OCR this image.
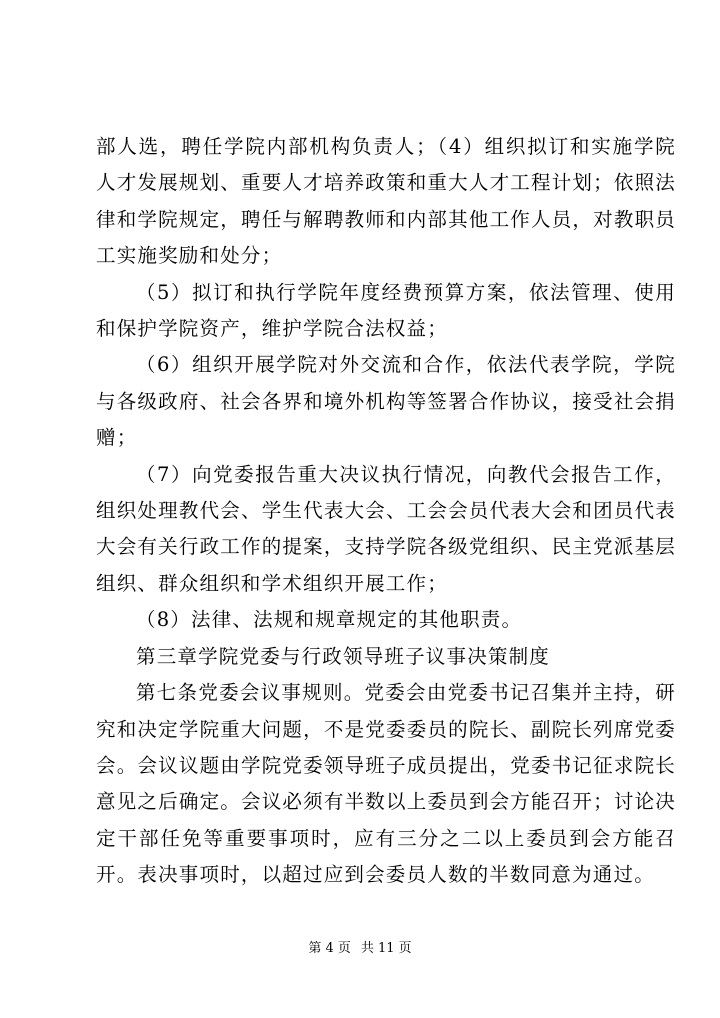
部人选，聘任学院内部机构负责人；（4）组织拟订和实施学院人才发展规划、重要人才培养政策和重大人才工程计划；依照法律和学院规定，聘任与解聘教师和内部其他工作人员，对教职员工实施奖励和处分；

（5）拟订和执行学院年度经费预算方案，依法管理、使用和保护学院资产，维护学院合法权益；

（6）组织开展学院对外交流和合作，依法代表学院，学院与各级政府、社会各界和境外机构等签署合作协议，接受社会捐赠；

（7）向党委报告重大决议执行情况，向教代会报告工作，组织处理教代会、学生代表大会、工会会员代表大会和团员代表大会有关行政工作的提案，支持学院各级党组织、民主党派基层组织、群众组织和学术组织开展工作；

（8）法律、法规和规章规定的其他职责。

第三章学院党委与行政领导班子议事决策制度

第七条党委会议事规则。党委会由党委书记召集并主持，研究和决定学院重大问题，不是党委委员的院长、副院长列席党委会。会议议题由学院党委领导班子成员提出，党委书记征求院长意见之后确定。会议必须有半数以上委员到会方能召开；讨论决定干部任免等重要事项时，应有三分之二以上委员到会方能召开。表决事项时，以超过应到会委员人数的半数同意为通过。

第 4 页 共 11 页
